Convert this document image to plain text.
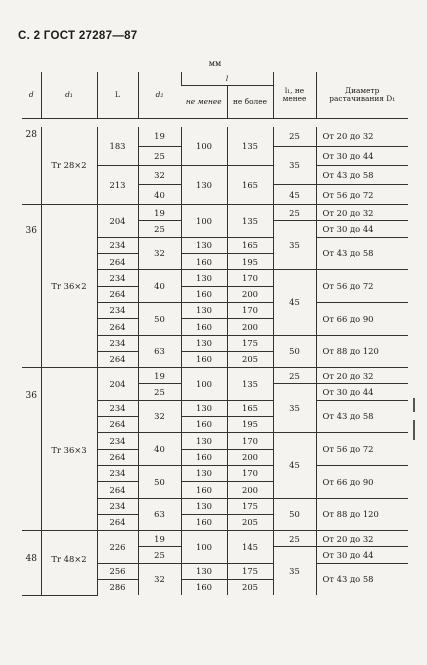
С. 2 ГОСТ 27287—87
мм
d	d₁	L	d₂	l		l₁, не менее	Диаметр растачивания D₁
				не менее	не более		

28	Tr 28×2	183	19	100	135	25	От 20 до 32
			25			35	От 30 до 44
		213	32	130	165		От 43 до 58
			40			45	От 56 до 72
36	Tr 36×2	204	19	100	135	25	От 20 до 32
			25			35	От 30 до 44
		234	32	130	165		От 43 до 58
		264		160	195		
		234	40	130	170	45	От 56 до 72
		264		160	200		
		234	50	130	170		От 66 до 90
		264		160	200		
		234	63	130	175	50	От 88 до 120
		264		160	205		
36	Tr 36×3	204	19	100	135	25	От 20 до 32
			25			35	От 30 до 44
		234	32	130	165		От 43 до 58
		264		160	195		
		234	40	130	170	45	От 56 до 72
		264		160	200		
		234	50	130	170		От 66 до 90
		264		160	200		
		234	63	130	175	50	От 88 до 120
		264		160	205		
48	Tr 48×2	226	19	100	145	25	От 20 до 32
			25			35	От 30 до 44
		256	32	130	175		От 43 до 58
		286		160	205		
